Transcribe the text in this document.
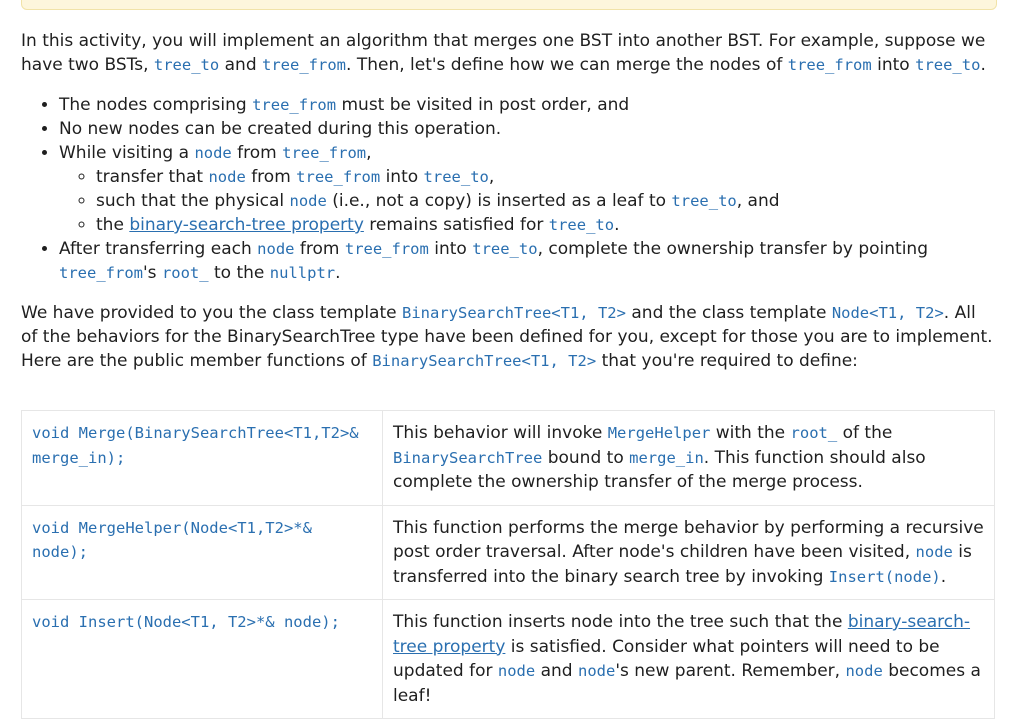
In this activity, you will implement an algorithm that merges one BST into another BST. For example, suppose we have two BSTs, tree_to and tree_from. Then, let's define how we can merge the nodes of tree_from into tree_to.

• The nodes comprising tree_from must be visited in post order, and
• No new nodes can be created during this operation.
• While visiting a node from tree_from,
◦ transfer that node from tree_from into tree_to,
◦ such that the physical node (i.e., not a copy) is inserted as a leaf to tree_to, and
◦ the binary-search-tree property remains satisfied for tree_to.
• After transferring each node from tree_from into tree_to, complete the ownership transfer by pointing tree_from's root_ to the nullptr.

We have provided to you the class template BinarySearchTree<T1, T2> and the class template Node<T1, T2>. All of the behaviors for the BinarySearchTree type have been defined for you, except for those you are to implement. Here are the public member functions of BinarySearchTree<T1, T2> that you're required to define:

void Merge(BinarySearchTree<T1,T2>& merge_in);	This behavior will invoke MergeHelper with the root_ of the BinarySearchTree bound to merge_in. This function should also complete the ownership transfer of the merge process.
void MergeHelper(Node<T1,T2>*& node);	This function performs the merge behavior by performing a recursive post order traversal. After node's children have been visited, node is transferred into the binary search tree by invoking Insert(node).
void Insert(Node<T1, T2>*& node);	This function inserts node into the tree such that the binary-search-tree property is satisfied. Consider what pointers will need to be updated for node and node's new parent. Remember, node becomes a leaf!
